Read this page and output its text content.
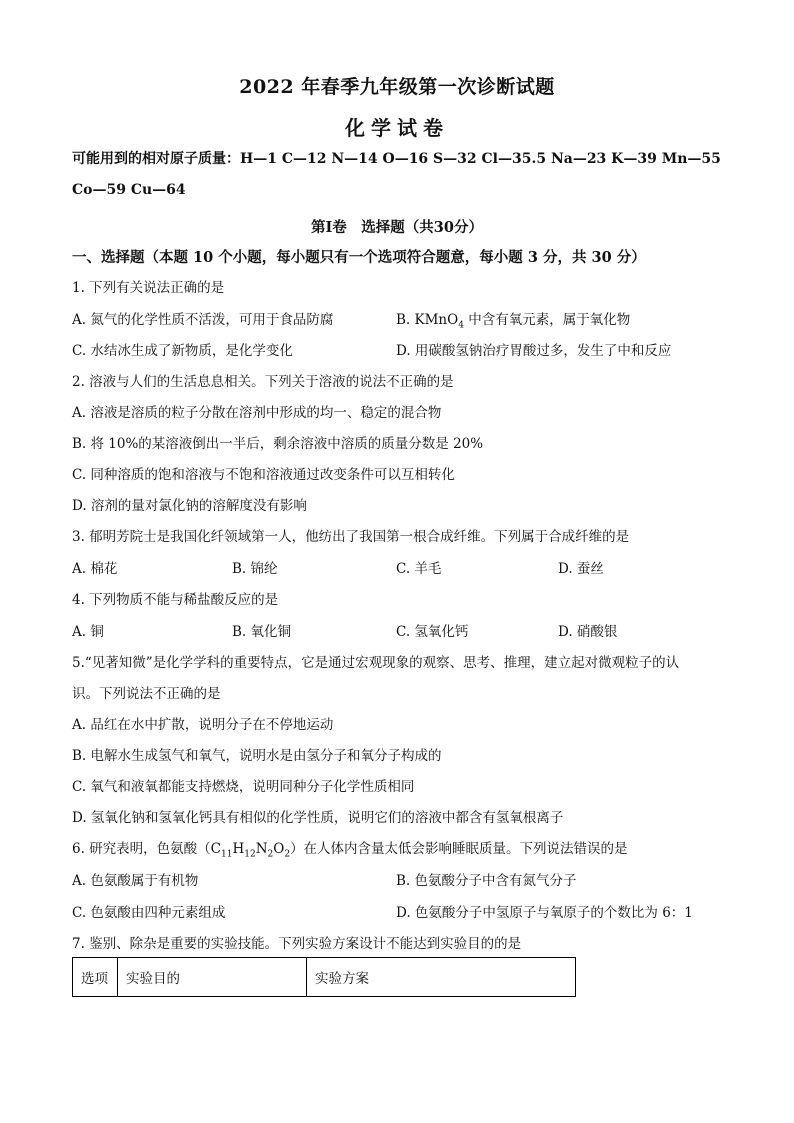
2022 年春季九年级第一次诊断试题
化学试卷
可能用到的相对原子质量：H—1 C—12 N—14 O—16 S—32 Cl—35.5 Na—23 K—39 Mn—55 Co—59 Cu—64
第Ⅰ卷　选择题（共30分）
一、选择题（本题 10 个小题，每小题只有一个选项符合题意，每小题 3 分，共 30 分）
1. 下列有关说法正确的是
A. 氮气的化学性质不活泼，可用于食品防腐	B. KMnO$_4$ 中含有氧元素，属于氧化物
C. 水结冰生成了新物质，是化学变化	D. 用碳酸氢钠治疗胃酸过多，发生了中和反应
2. 溶液与人们的生活息息相关。下列关于溶液的说法不正确的是
A. 溶液是溶质的粒子分散在溶剂中形成的均一、稳定的混合物
B. 将 10%的某溶液倒出一半后，剩余溶液中溶质的质量分数是 20%
C. 同种溶质的饱和溶液与不饱和溶液通过改变条件可以互相转化
D. 溶剂的量对氯化钠的溶解度没有影响
3. 郁明芳院士是我国化纤领域第一人，他纺出了我国第一根合成纤维。下列属于合成纤维的是
A. 棉花	B. 锦纶	C. 羊毛	D. 蚕丝
4. 下列物质不能与稀盐酸反应的是
A. 铜	B. 氧化铜	C. 氢氧化钙	D. 硝酸银
5.“见著知微”是化学学科的重要特点，它是通过宏观现象的观察、思考、推理，建立起对微观粒子的认
识。下列说法不正确的是
A. 品红在水中扩散，说明分子在不停地运动
B. 电解水生成氢气和氧气，说明水是由氢分子和氧分子构成的
C. 氧气和液氧都能支持燃烧，说明同种分子化学性质相同
D. 氢氧化钠和氢氧化钙具有相似的化学性质，说明它们的溶液中都含有氢氧根离子
6. 研究表明，色氨酸$(C_{11}H_{12}N_2O_2)$在人体内含量太低会影响睡眠质量。下列说法错误的是
A. 色氨酸属于有机物	B. 色氨酸分子中含有氮气分子
C. 色氨酸由四种元素组成	D. 色氨酸分子中氢原子与氧原子的个数比为 6：1
7. 鉴别、除杂是重要的实验技能。下列实验方案设计不能达到实验目的的是
选项	实验目的	实验方案
